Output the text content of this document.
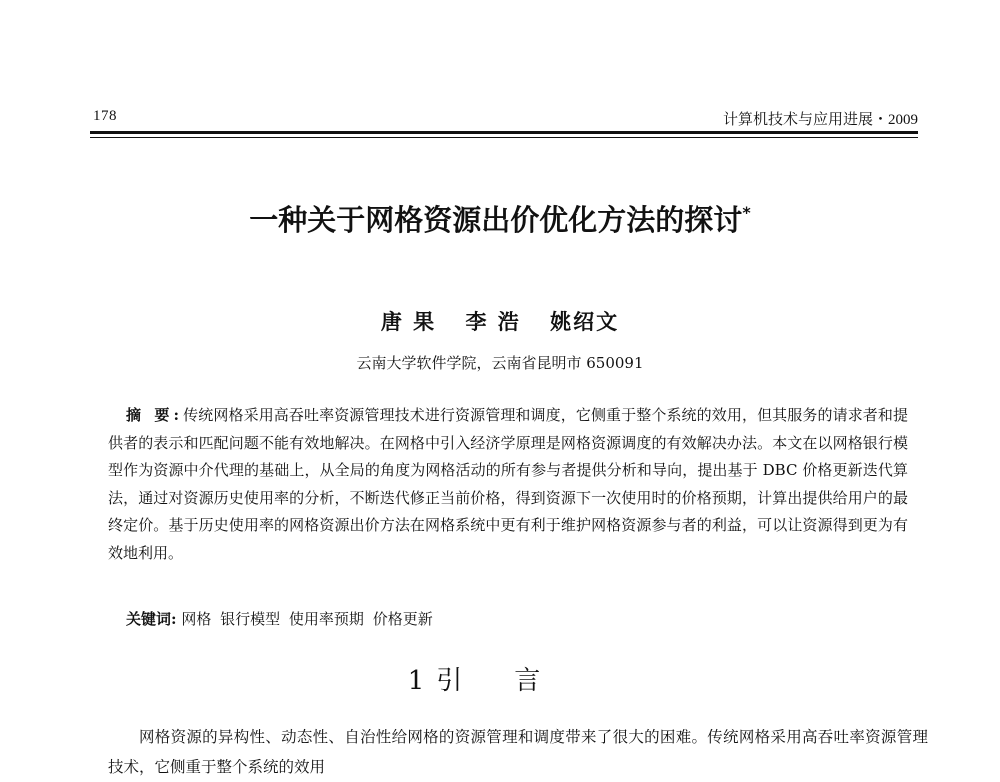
178	计算机技术与应用进展・2009
一种关于网格资源出价优化方法的探讨*
唐 果 李 浩 姚绍文
云南大学软件学院，云南省昆明市 650091
摘 要:传统网格采用高吞吐率资源管理技术进行资源管理和调度，它侧重于整个系统的效用，但其服务的请求者和提供者的表示和匹配问题不能有效地解决。在网格中引入经济学原理是网格资源调度的有效解决办法。本文在以网格银行模型作为资源中介代理的基础上，从全局的角度为网格活动的所有参与者提供分析和导向，提出基于 DBC 价格更新迭代算法，通过对资源历史使用率的分析，不断迭代修正当前价格，得到资源下一次使用时的价格预期，计算出提供给用户的最终定价。基于历史使用率的网格资源出价方法在网格系统中更有利于维护网格资源参与者的利益，可以让资源得到更为有效地利用。
关键词: 网格 银行模型 使用率预期 价格更新
1 引言
网格资源的异构性、动态性、自治性给网格的资源管理和调度带来了很大的困难。传统网格采用高吞吐率资源管理技术，它侧重于整个系统的效用
